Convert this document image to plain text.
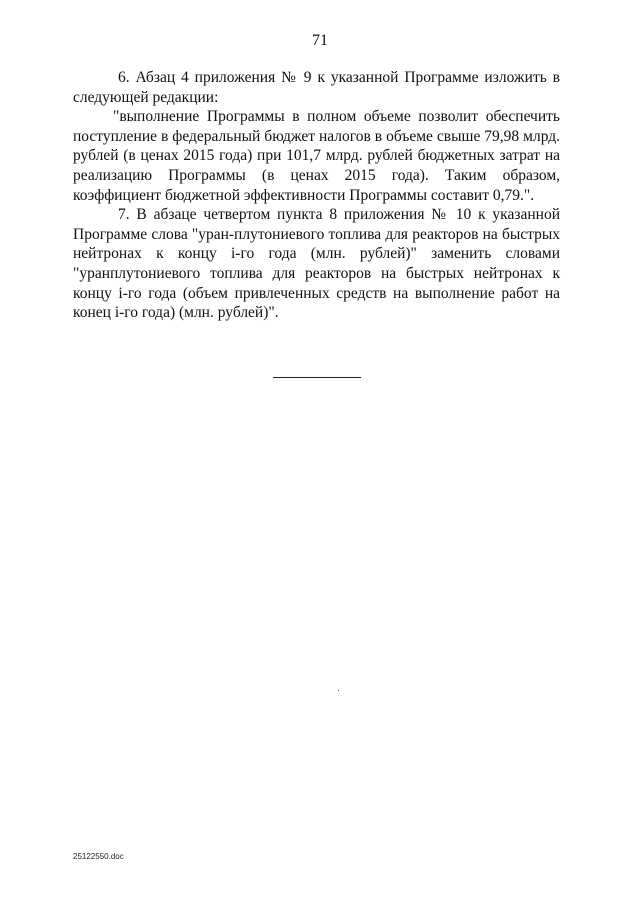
71

6. Абзац 4 приложения № 9 к указанной Программе изложить в следующей редакции:

"выполнение Программы в полном объеме позволит обеспечить поступление в федеральный бюджет налогов в объеме свыше 79,98 млрд. рублей (в ценах 2015 года) при 101,7 млрд. рублей бюджетных затрат на реализацию Программы (в ценах 2015 года). Таким образом, коэффициент бюджетной эффективности Программы составит 0,79.".

7. В абзаце четвертом пункта 8 приложения № 10 к указанной Программе слова "уран-плутониевого топлива для реакторов на быстрых нейтронах к концу i-го года (млн. рублей)" заменить словами "уранплутониевого топлива для реакторов на быстрых нейтронах к концу i-го года (объем привлеченных средств на выполнение работ на конец i-го года) (млн. рублей)".

25122550.doc
